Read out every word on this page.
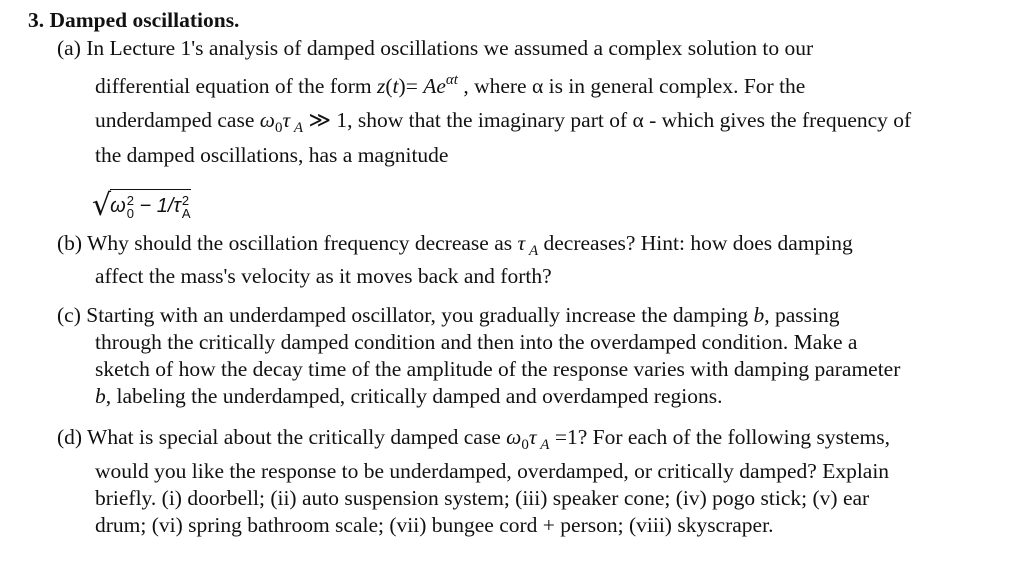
3. Damped oscillations.
(a) In Lecture 1's analysis of damped oscillations we assumed a complex solution to our
differential equation of the form $z(t)= Ae^{\alpha t}$ , where α is in general complex. For the
underdamped case $\omega_0\tau$ $_A$ ≫ 1, show that the imaginary part of α - which gives the frequency of
the damped oscillations, has a magnitude
√ω 2
0 − 1/τ 2
A
(b) Why should the oscillation frequency decrease as τ $_A$ decreases? Hint: how does damping
affect the mass's velocity as it moves back and forth?
(c) Starting with an underdamped oscillator, you gradually increase the damping b, passing
through the critically damped condition and then into the overdamped condition. Make a
sketch of how the decay time of the amplitude of the response varies with damping parameter
b, labeling the underdamped, critically damped and overdamped regions.
(d) What is special about the critically damped case $\omega_0\tau$ $_A$ =1? For each of the following systems,
would you like the response to be underdamped, overdamped, or critically damped? Explain
briefly. (i) doorbell; (ii) auto suspension system; (iii) speaker cone; (iv) pogo stick; (v) ear
drum; (vi) spring bathroom scale; (vii) bungee cord + person; (viii) skyscraper.
